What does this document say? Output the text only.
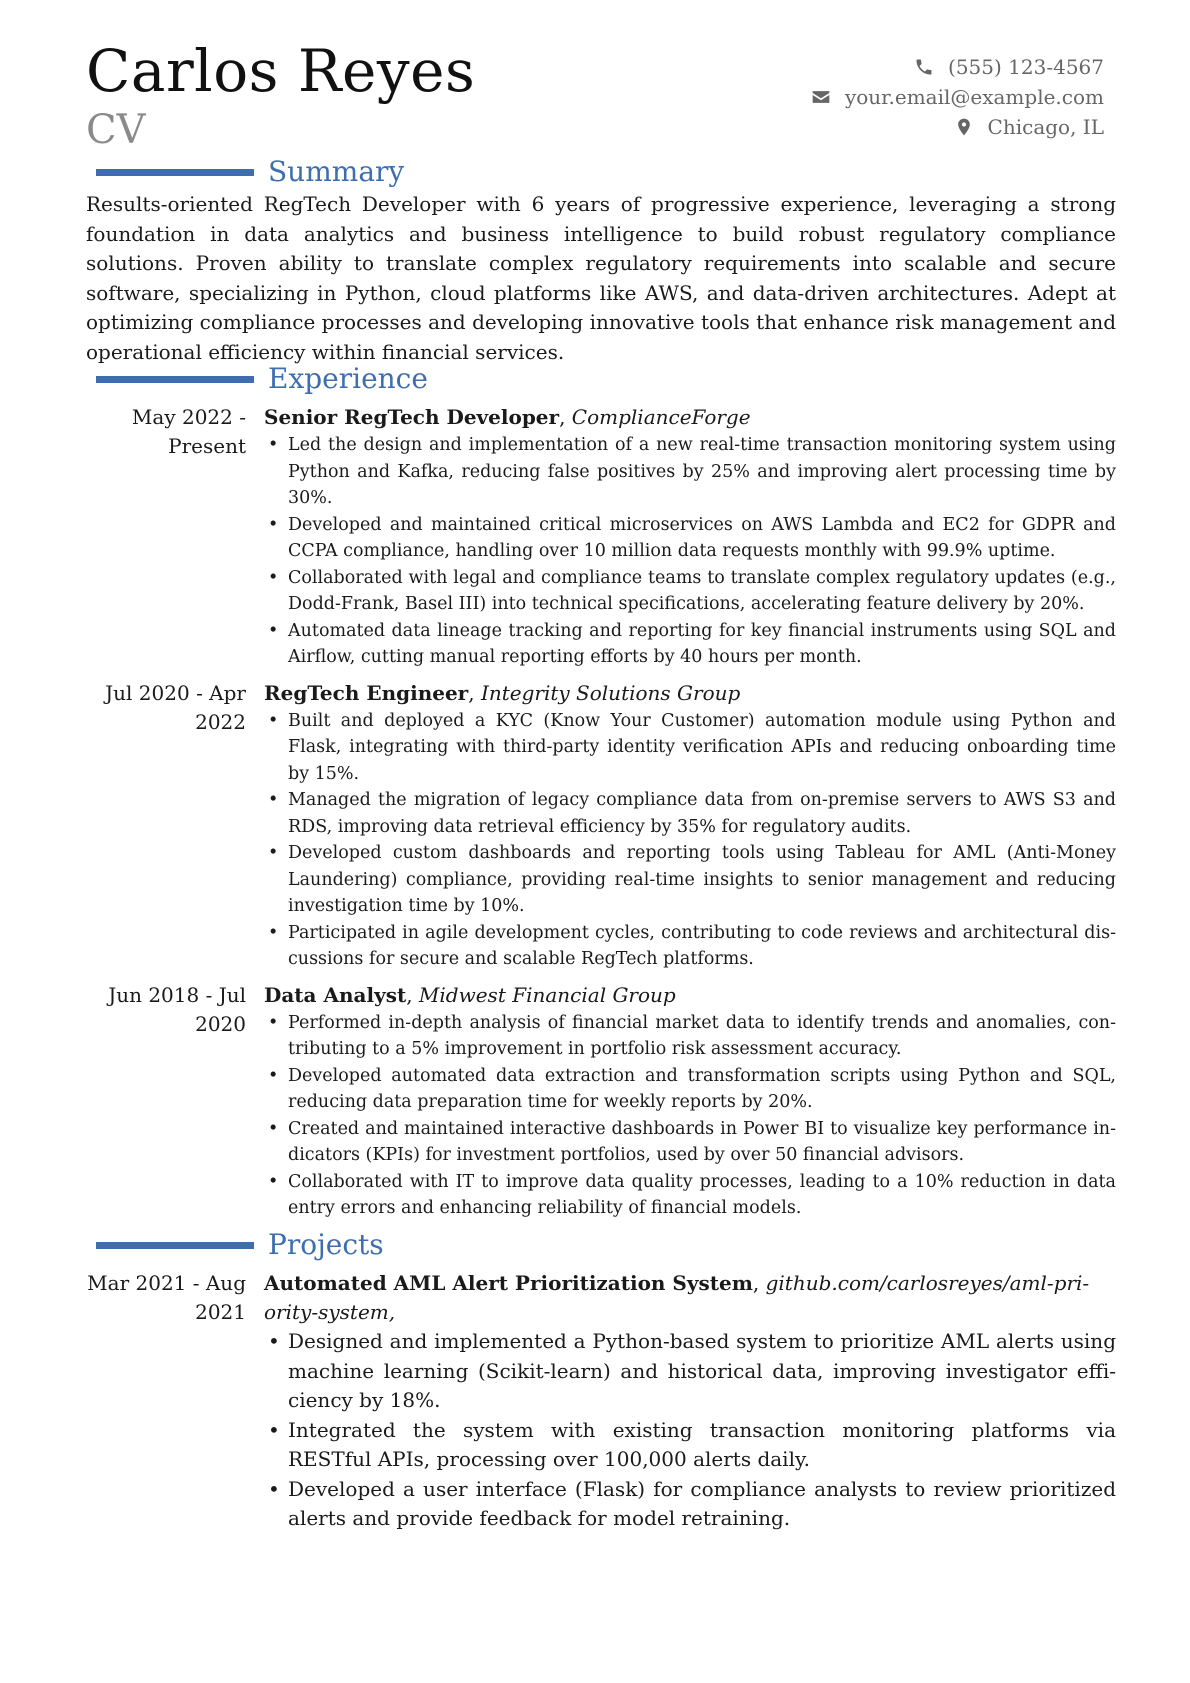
Carlos Reyes
CV
(555) 123-4567
your.email@example.com
Chicago, IL
Summary
Results-oriented RegTech Developer with 6 years of progressive experience, leveraging a strong foundation in data analytics and business intelligence to build robust regulatory compliance solutions. Proven ability to translate complex regulatory requirements into scalable and secure software, specializing in Python, cloud platforms like AWS, and data-driven architectures. Adept at optimizing compliance processes and developing innovative tools that enhance risk management and operational efficiency within financial services.
Experience
May 2022 - Present
Senior RegTech Developer, ComplianceForge
• Led the design and implementation of a new real-time transaction monitoring system using Python and Kafka, reducing false positives by 25% and improving alert processing time by 30%.
• Developed and maintained critical microservices on AWS Lambda and EC2 for GDPR and CCPA compliance, handling over 10 million data requests monthly with 99.9% uptime.
• Collaborated with legal and compliance teams to translate complex regulatory updates (e.g., Dodd-Frank, Basel III) into technical specifications, accelerating feature delivery by 20%.
• Automated data lineage tracking and reporting for key financial instruments using SQL and Airflow, cutting manual reporting efforts by 40 hours per month.
Jul 2020 - Apr 2022
RegTech Engineer, Integrity Solutions Group
• Built and deployed a KYC (Know Your Customer) automation module using Python and Flask, integrating with third-party identity verification APIs and reducing onboarding time by 15%.
• Managed the migration of legacy compliance data from on-premise servers to AWS S3 and RDS, improving data retrieval efficiency by 35% for regulatory audits.
• Developed custom dashboards and reporting tools using Tableau for AML (Anti-Money Laundering) compliance, providing real-time insights to senior management and reducing investigation time by 10%.
• Participated in agile development cycles, contributing to code reviews and architectural discussions for secure and scalable RegTech platforms.
Jun 2018 - Jul 2020
Data Analyst, Midwest Financial Group
• Performed in-depth analysis of financial market data to identify trends and anomalies, contributing to a 5% improvement in portfolio risk assessment accuracy.
• Developed automated data extraction and transformation scripts using Python and SQL, reducing data preparation time for weekly reports by 20%.
• Created and maintained interactive dashboards in Power BI to visualize key performance indicators (KPIs) for investment portfolios, used by over 50 financial advisors.
• Collaborated with IT to improve data quality processes, leading to a 10% reduction in data entry errors and enhancing reliability of financial models.
Projects
Mar 2021 - Aug 2021
Automated AML Alert Prioritization System, github.com/carlosreyes/aml-priority-system,
• Designed and implemented a Python-based system to prioritize AML alerts using machine learning (Scikit-learn) and historical data, improving investigator efficiency by 18%.
• Integrated the system with existing transaction monitoring platforms via RESTful APIs, processing over 100,000 alerts daily.
• Developed a user interface (Flask) for compliance analysts to review prioritized alerts and provide feedback for model retraining.
